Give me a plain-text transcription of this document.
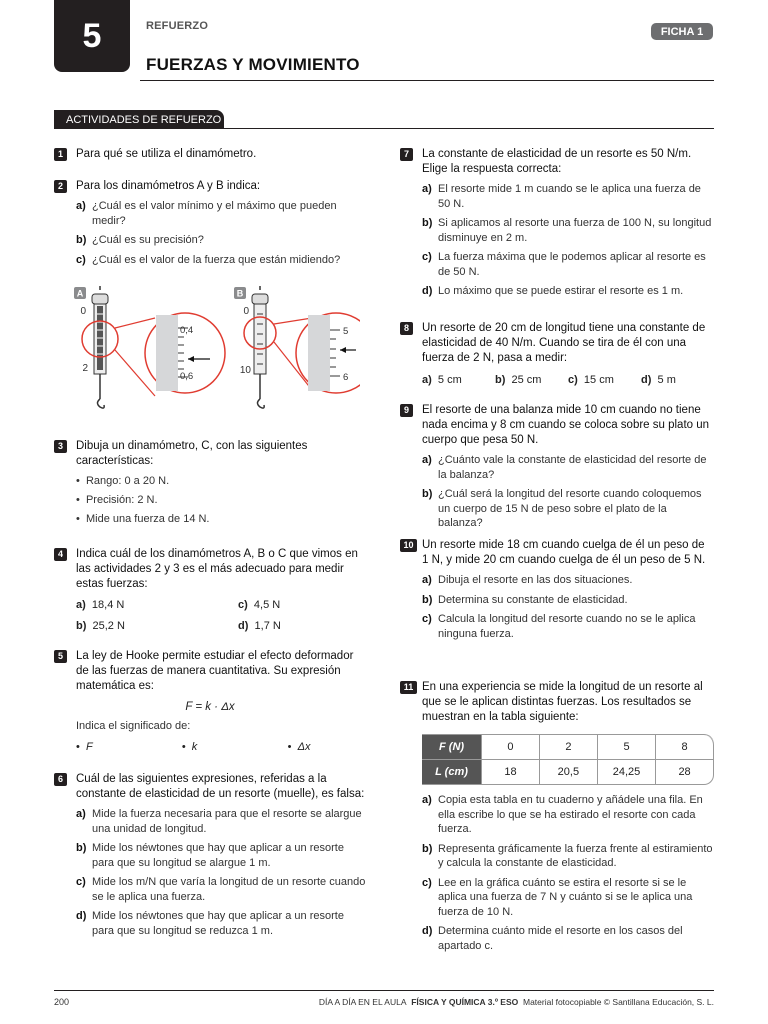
5	REFUERZO
FUERZAS Y MOVIMIENTO
FICHA 1
ACTIVIDADES DE REFUERZO
1	Para qué se utiliza el dinamómetro.
2	Para los dinamómetros A y B indica:
a) ¿Cuál es el valor mínimo y el máximo que pueden medir?
b) ¿Cuál es su precisión?
c) ¿Cuál es el valor de la fuerza que están midiendo?
A
0
2
0,4
0,6
B
0
10
5
6
3	Dibuja un dinamómetro, C, con las siguientes características:
•  Rango: 0 a 20 N.
•  Precisión: 2 N.
•  Mide una fuerza de 14 N.
4	Indica cuál de los dinamómetros A, B o C que vimos en las actividades 2 y 3 es el más adecuado para medir estas fuerzas:
a) 18,4 N	c) 4,5 N
b) 25,2 N	d) 1,7 N
5	La ley de Hooke permite estudiar el efecto deformador de las fuerzas de manera cuantitativa. Su expresión matemática es:
F = k · Δx
Indica el significado de:
•  F	•  k	•  Δx
6	Cuál de las siguientes expresiones, referidas a la constante de elasticidad de un resorte (muelle), es falsa:
a) Mide la fuerza necesaria para que el resorte se alargue una unidad de longitud.
b) Mide los néwtones que hay que aplicar a un resorte para que su longitud se alargue 1 m.
c) Mide los m/N que varía la longitud de un resorte cuando se le aplica una fuerza.
d) Mide los néwtones que hay que aplicar a un resorte para que su longitud se reduzca 1 m.
7	La constante de elasticidad de un resorte es 50 N/m. Elige la respuesta correcta:
a) El resorte mide 1 m cuando se le aplica una fuerza de 50 N.
b) Si aplicamos al resorte una fuerza de 100 N, su longitud disminuye en 2 m.
c) La fuerza máxima que le podemos aplicar al resorte es de 50 N.
d) Lo máximo que se puede estirar el resorte es 1 m.
8	Un resorte de 20 cm de longitud tiene una constante de elasticidad de 40 N/m. Cuando se tira de él con una fuerza de 2 N, pasa a medir:
a) 5 cm	b) 25 cm	c) 15 cm	d) 5 m
9	El resorte de una balanza mide 10 cm cuando no tiene nada encima y 8 cm cuando se coloca sobre su plato un cuerpo que pesa 50 N.
a) ¿Cuánto vale la constante de elasticidad del resorte de la balanza?
b) ¿Cuál será la longitud del resorte cuando coloquemos un cuerpo de 15 N de peso sobre el plato de la balanza?
10 Un resorte mide 18 cm cuando cuelga de él un peso de 1 N, y mide 20 cm cuando cuelga de él un peso de 5 N.
a) Dibuja el resorte en las dos situaciones.
b) Determina su constante de elasticidad.
c) Calcula la longitud del resorte cuando no se le aplica ninguna fuerza.
11 En una experiencia se mide la longitud de un resorte al que se le aplican distintas fuerzas. Los resultados se muestran en la tabla siguiente:
F (N)	0	2	5	8
L (cm)	18	20,5	24,25	28
a) Copia esta tabla en tu cuaderno y añádele una fila. En ella escribe lo que se ha estirado el resorte con cada fuerza.
b) Representa gráficamente la fuerza frente al estiramiento y calcula la constante de elasticidad.
c) Lee en la gráfica cuánto se estira el resorte si se le aplica una fuerza de 7 N y cuánto si se le aplica una fuerza de 10 N.
d) Determina cuánto mide el resorte en los casos del apartado c.
200	DÍA A DÍA EN EL AULA FÍSICA Y QUÍMICA 3.º ESO Material fotocopiable © Santillana Educación, S. L.
